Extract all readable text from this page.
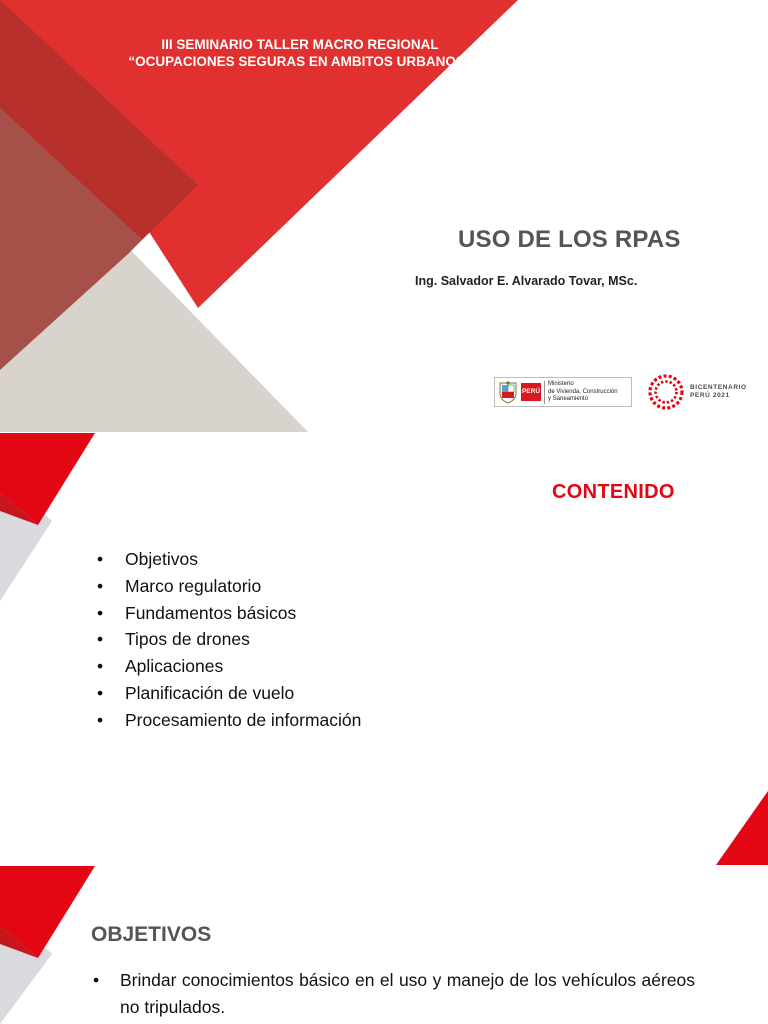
III SEMINARIO TALLER MACRO REGIONAL
“OCUPACIONES SEGURAS EN AMBITOS URBANOS”
USO DE LOS RPAS
Ing. Salvador E. Alvarado Tovar, MSc.
PERÚ
Ministerio
de Vivienda, Construcción
y Saneamiento
BICENTENARIO
PERÚ 2021
CONTENIDO
• Objetivos
• Marco regulatorio
• Fundamentos básicos
• Tipos de drones
• Aplicaciones
• Planificación de vuelo
• Procesamiento de información
OBJETIVOS
•	Brindar conocimientos básico en el uso y manejo de los vehículos aéreos no tripulados.
